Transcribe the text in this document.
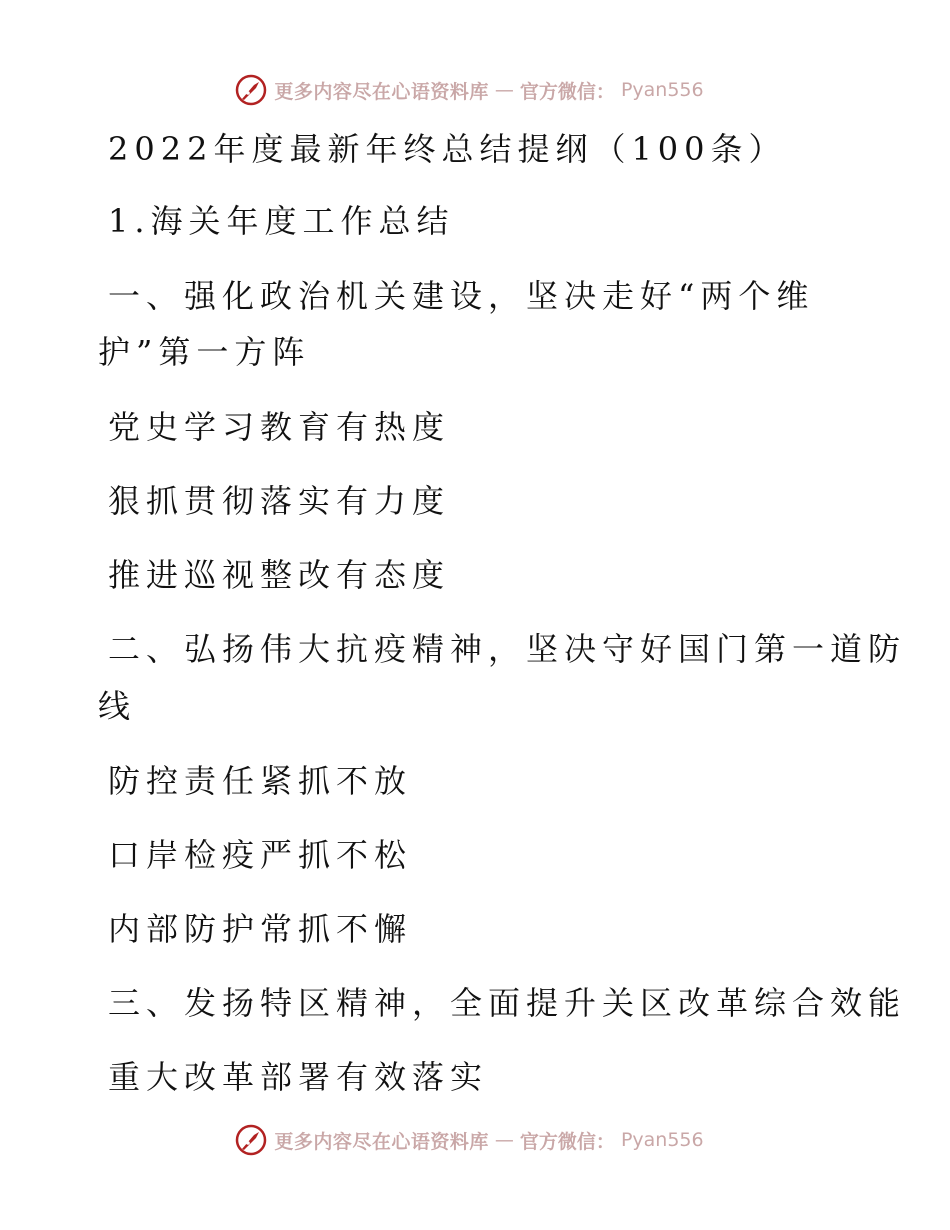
更多内容尽在心语资料库 — 官方微信： Pyan556
2022年度最新年终总结提纲（100条）
1.海关年度工作总结
一、强化政治机关建设，坚决走好“两个维
护”第一方阵
党史学习教育有热度
狠抓贯彻落实有力度
推进巡视整改有态度
二、弘扬伟大抗疫精神，坚决守好国门第一道防
线
防控责任紧抓不放
口岸检疫严抓不松
内部防护常抓不懈
三、发扬特区精神，全面提升关区改革综合效能
重大改革部署有效落实
更多内容尽在心语资料库 — 官方微信： Pyan556
